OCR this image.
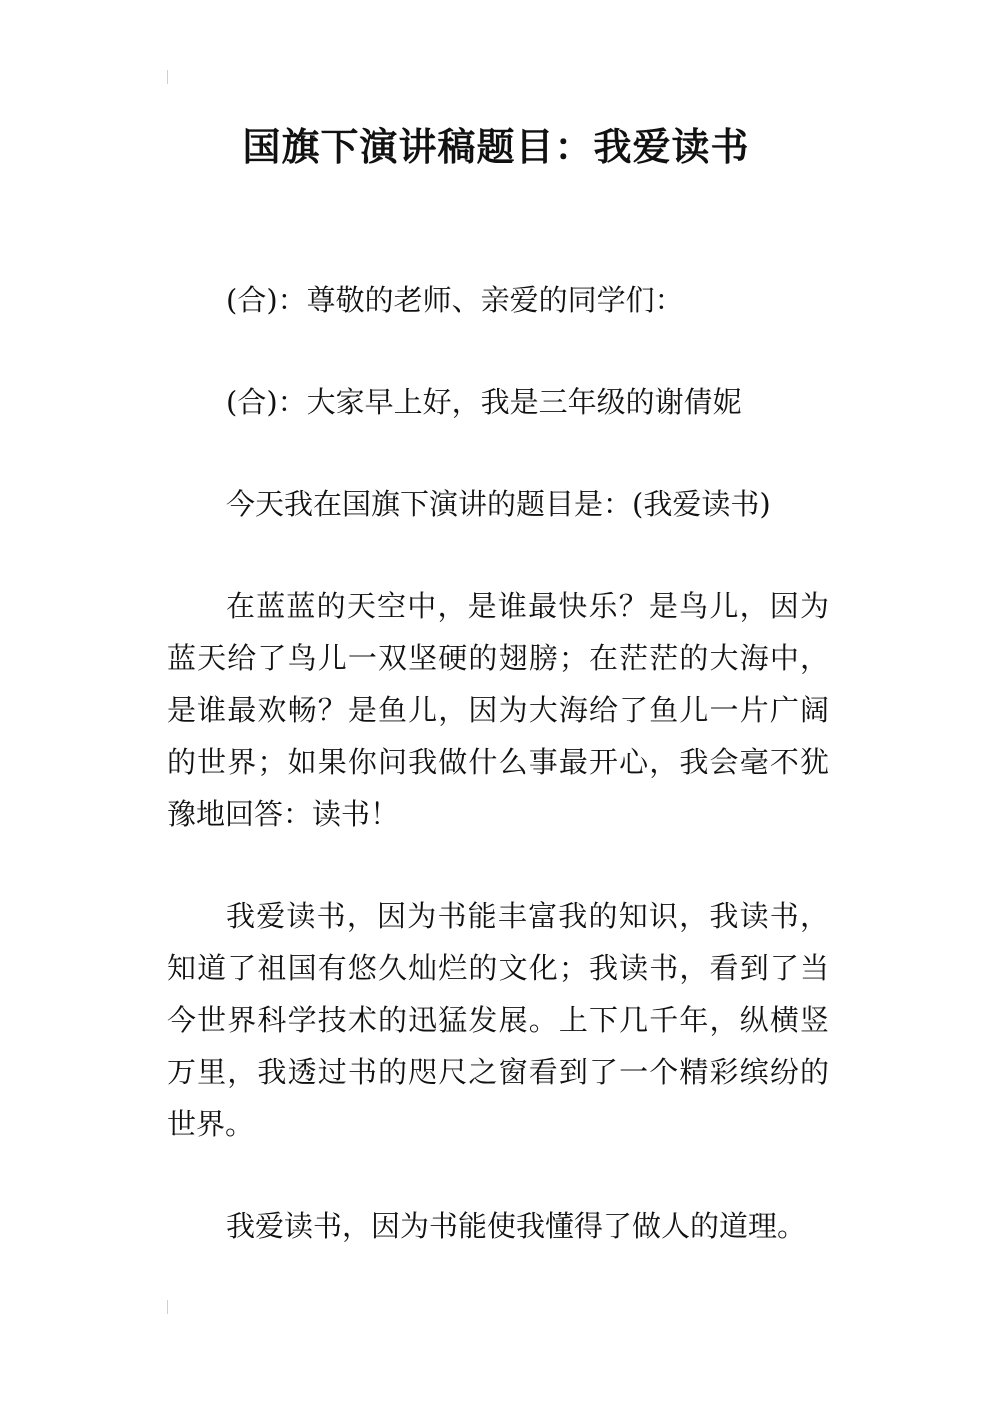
国旗下演讲稿题目：我爱读书

(合)：尊敬的老师、亲爱的同学们：

(合)：大家早上好，我是三年级的谢倩妮

今天我在国旗下演讲的题目是：(我爱读书)

在蓝蓝的天空中，是谁最快乐？是鸟儿，因为蓝天给了鸟儿一双坚硬的翅膀；在茫茫的大海中，是谁最欢畅？是鱼儿，因为大海给了鱼儿一片广阔的世界；如果你问我做什么事最开心，我会毫不犹豫地回答：读书！

我爱读书，因为书能丰富我的知识，我读书，知道了祖国有悠久灿烂的文化；我读书，看到了当今世界科学技术的迅猛发展。上下几千年，纵横竖万里，我透过书的咫尺之窗看到了一个精彩缤纷的世界。

我爱读书，因为书能使我懂得了做人的道理。
